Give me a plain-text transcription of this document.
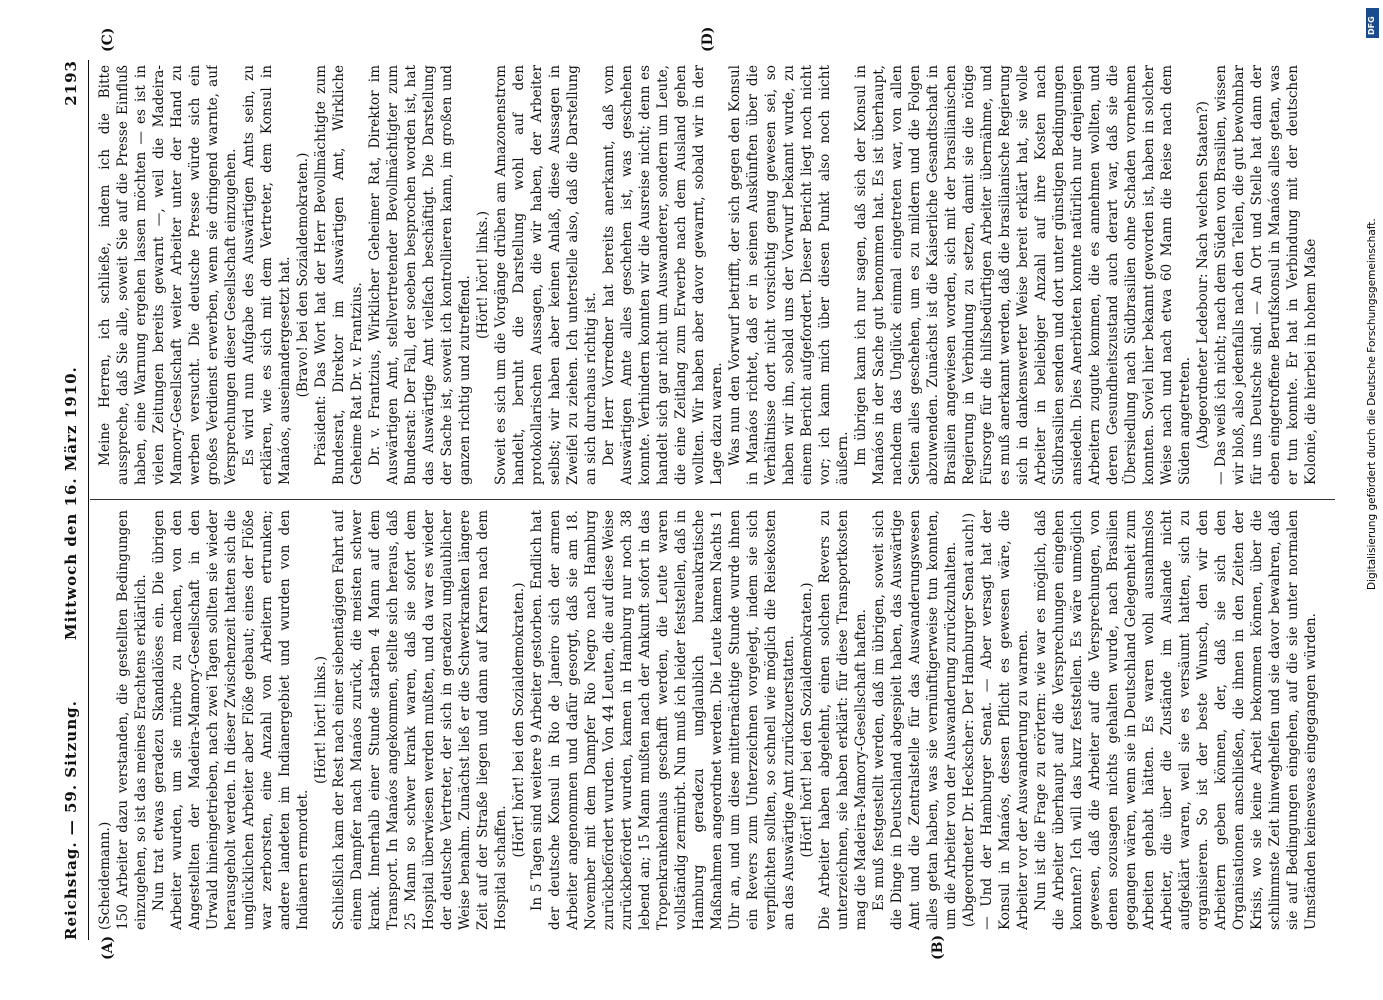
Reichstag. — 59. Sitzung.
Mittwoch den 16. März 1910.
2193
(A)	(B)
(C)	(D)

(Scheidemann.) 150 Arbeiter dazu verstanden, die gestellten Bedingungen einzugehen, so ist das meines Erachtens erklärlich. Nun trat etwas geradezu Skandalöses ein. Die übrigen Arbeiter wurden, um sie mürbe zu machen, von den Angestellten der Madeira-Mamory-Gesellschaft in den Urwald hineingetrieben, nach zwei Tagen sollten sie wieder herausgeholt werden. In dieser Zwischenzeit hatten sich die unglücklichen Arbeiter aber Flöße gebaut; eines der Flöße war zerborsten, eine Anzahl von Arbeitern ertrunken; andere landeten im Indianergebiet und wurden von den Indianern ermordet.

(Hört! hört! links.) Schließlich kam der Rest nach einer siebentägigen Fahrt auf einem Dampfer nach Manáos zurück, die meisten schwer krank. Innerhalb einer Stunde starben 4 Mann auf dem Transport. In Manáos angekommen, stellte sich heraus, daß 25 Mann so schwer krank waren, daß sie sofort dem Hospital überwiesen werden mußten, und da war es wieder der deutsche Vertreter, der sich in geradezu unglaublicher Weise benahm. Zunächst ließ er die Schwerkranken längere Zeit auf der Straße liegen und dann auf Karren nach dem Hospital schaffen.

(Hört! hört! bei den Sozialdemokraten.) In 5 Tagen sind weitere 9 Arbeiter gestorben. Endlich hat der deutsche Konsul in Rio de Janeiro sich der armen Arbeiter angenommen und dafür gesorgt, daß sie am 18. November mit dem Dampfer Rio Negro nach Hamburg zurückbefördert wurden. Von 44 Leuten, die auf diese Weise zurückbefördert wurden, kamen in Hamburg nur noch 38 lebend an; 15 Mann mußten nach der Ankunft sofort in das Tropenkrankenhaus geschafft werden, die Leute waren vollständig zermürbt. Nun muß ich leider feststellen, daß in Hamburg geradezu unglaublich bureaukratische Maßnahmen angeordnet werden. Die Leute kamen Nachts 1 Uhr an, und um diese mitternächtige Stunde wurde ihnen ein Revers zum Unterzeichnen vorgelegt, indem sie sich verpflichten sollten, so schnell wie möglich die Reisekosten an das Auswärtige Amt zurückzuerstatten. (Hört! hört! bei den Sozialdemokraten.) Die Arbeiter haben abgelehnt, einen solchen Revers zu unterzeichnen, sie haben erklärt: für diese Transportkosten mag die Madeira-Mamory-Gesellschaft haften. Es muß festgestellt werden, daß im übrigen, soweit sich die Dinge in Deutschland abgespielt haben, das Auswärtige Amt und die Zentralstelle für das Auswanderungswesen alles getan haben, was sie vernünftigerweise tun konnten, um die Arbeiter von der Auswanderung zurückzuhalten. (Abgeordneter Dr. Heckscher: Der Hamburger Senat auch!) — Und der Hamburger Senat. — Aber versagt hat der Konsul in Manáos, dessen Pflicht es gewesen wäre, die Arbeiter vor der Auswanderung zu warnen. Nun ist die Frage zu erörtern: wie war es möglich, daß die Arbeiter überhaupt auf die Versprechungen eingehen konnten? Ich will das kurz feststellen. Es wäre unmöglich gewesen, daß die Arbeiter auf die Versprechungen, von denen sozusagen nichts gehalten wurde, nach Brasilien gegangen wären, wenn sie in Deutschland Gelegenheit zum Arbeiten gehabt hätten. Es waren wohl ausnahmslos Arbeiter, die über die Zustände im Auslande nicht aufgeklärt waren, weil sie es versäumt hatten, sich zu organisieren. So ist der beste Wunsch, den wir den Arbeitern geben können, der, daß sie sich den Organisationen anschließen, die ihnen in den Zeiten der Krisis, wo sie keine Arbeit bekommen können, über die schlimmste Zeit hinweghelfen und sie davor bewahren, daß sie auf Bedingungen eingehen, auf die sie unter normalen Umständen keinesweas eingegangen würden.

Meine Herren, ich schließe, indem ich die Bitte ausspreche, daß Sie alle, soweit Sie auf die Presse Einfluß haben, eine Warnung ergehen lassen möchten — es ist in vielen Zeitungen bereits gewarnt —, weil die Madeira-Mamory-Gesellschaft weiter Arbeiter unter der Hand zu werben versucht. Die deutsche Presse würde sich ein großes Verdienst erwerben, wenn sie dringend warnte, auf Versprechungen dieser Gesellschaft einzugehen. Es wird nun Aufgabe des Auswärtigen Amts sein, zu erklären, wie es sich mit dem Vertreter, dem Konsul in Manáos, auseinandergesetzt hat. (Bravo! bei den Sozialdemokraten.) Präsident: Das Wort hat der Herr Bevollmächtigte zum Bundesrat, Direktor im Auswärtigen Amt, Wirkliche Geheime Rat Dr. v. Frantzius. Dr. v. Frantzius, Wirklicher Geheimer Rat, Direktor im Auswärtigen Amt, stellvertretender Bevollmächtigter zum Bundesrat: Der Fall, der soeben besprochen worden ist, hat das Auswärtige Amt vielfach beschäftigt. Die Darstellung der Sache ist, soweit ich kontrollieren kann, im großen und ganzen richtig und zutreffend.

(Hört! hört! links.) Soweit es sich um die Vorgänge drüben am Amazonenstrom handelt, beruht die Darstellung wohl auf den protokollarischen Aussagen, die wir haben, der Arbeiter selbst; wir haben aber keinen Anlaß, diese Aussagen in Zweifel zu ziehen. Ich unterstelle also, daß die Darstellung an sich durchaus richtig ist. Der Herr Vorredner hat bereits anerkannt, daß vom Auswärtigen Amte alles geschehen ist, was geschehen konnte. Verhindern konnten wir die Ausreise nicht; denn es handelt sich gar nicht um Auswanderer, sondern um Leute, die eine Zeitlang zum Erwerbe nach dem Ausland gehen wollten. Wir haben aber davor gewarnt, sobald wir in der Lage dazu waren. Was nun den Vorwurf betrifft, der sich gegen den Konsul in Manáos richtet, daß er in seinen Auskünften über die Verhältnisse dort nicht vorsichtig genug gewesen sei, so haben wir ihn, sobald uns der Vorwurf bekannt wurde, zu einem Bericht aufgefordert. Dieser Bericht liegt noch nicht vor; ich kann mich über diesen Punkt also noch nicht äußern. Im übrigen kann ich nur sagen, daß sich der Konsul in Manáos in der Sache gut benommen hat. Es ist überhaupt, nachdem das Unglück einmal eingetreten war, von allen Seiten alles geschehen, um es zu mildern und die Folgen abzuwenden. Zunächst ist die Kaiserliche Gesandtschaft in Brasilien angewiesen worden, sich mit der brasilianischen Regierung in Verbindung zu setzen, damit sie die nötige Fürsorge für die hilfsbedürftigen Arbeiter übernähme, und es muß anerkannt werden, daß die brasilianische Regierung sich in dankenswerter Weise bereit erklärt hat, sie wolle Arbeiter in beliebiger Anzahl auf ihre Kosten nach Südbrasilien senden und dort unter günstigen Bedingungen ansiedeln. Dies Anerbieten konnte natürlich nur denjenigen Arbeitern zugute kommen, die es annehmen wollten, und deren Gesundheitszustand auch derart war, daß sie die Übersiedlung nach Südbrasilien ohne Schaden vornehmen konnten. Soviel hier bekannt geworden ist, haben in solcher Weise nach und nach etwa 60 Mann die Reise nach dem Süden angetreten. (Abgeordneter Ledebour: Nach welchen Staaten?) — Das weiß ich nicht; nach dem Süden von Brasilien, wissen wir bloß, also jedenfalls nach den Teilen, die gut bewohnbar für uns Deutsche sind. — An Ort und Stelle hat dann der eben eingetroffene Berufskonsul in Manáos alles getan, was er tun konnte. Er hat in Verbindung mit der deutschen Kolonie, die hierbei in hohem Maße

DFG
Digitalisierung gefördert durch die Deutsche Forschungsgemeinschaft.
